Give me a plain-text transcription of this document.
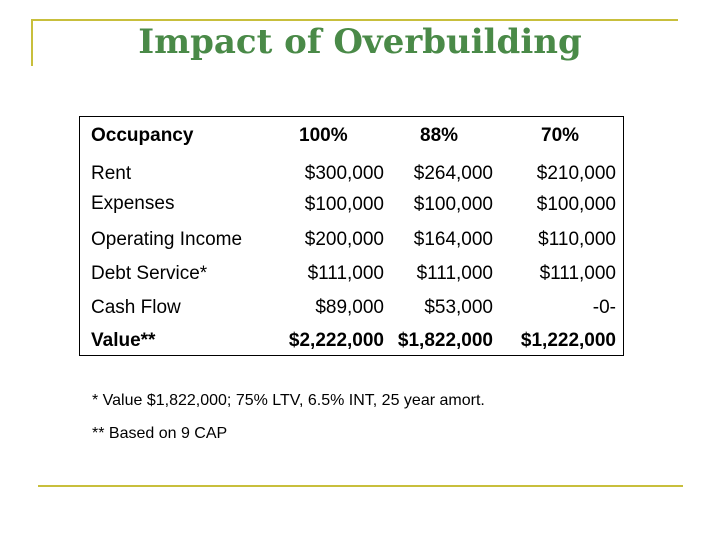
Impact of Overbuilding
Occupancy	100%	88%	70%
Rent	$300,000 $264,000 $210,000
Expenses	$100,000 $100,000 $100,000
Operating Income	$200,000 $164,000 $110,000
Debt Service*	$111,000 $111,000 $111,000
Cash Flow	$89,000 $53,000	-0-
Value**	$2,222,000 $1,822,000 $1,222,000
* Value $1,822,000; 75% LTV, 6.5% INT, 25 year amort.
** Based on 9 CAP
